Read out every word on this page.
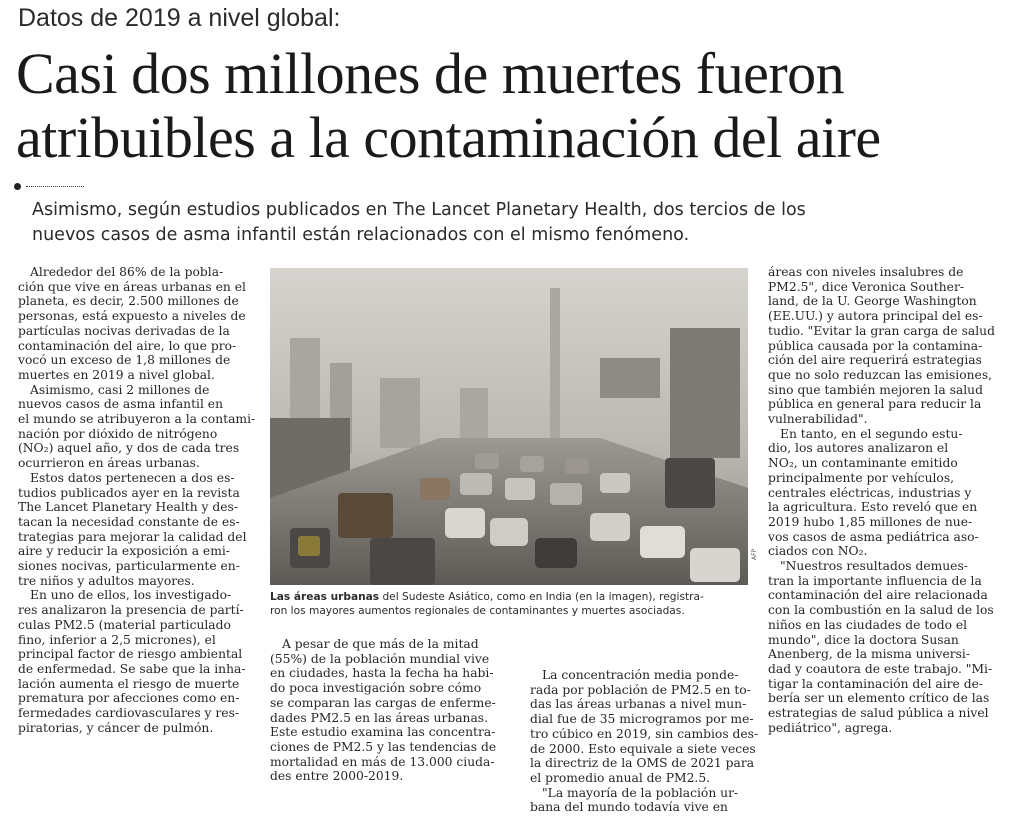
Datos de 2019 a nivel global:
Casi dos millones de muertes fueron
atribuibles a la contaminación del aire
Asimismo, según estudios publicados en The Lancet Planetary Health, dos tercios de los
nuevos casos de asma infantil están relacionados con el mismo fenómeno.
Alrededor del 86% de la pobla-
ción que vive en áreas urbanas en el
planeta, es decir, 2.500 millones de
personas, está expuesto a niveles de
partículas nocivas derivadas de la
contaminación del aire, lo que pro-
vocó un exceso de 1,8 millones de
muertes en 2019 a nivel global.
Asimismo, casi 2 millones de
nuevos casos de asma infantil en
el mundo se atribuyeron a la contami-
nación por dióxido de nitrógeno
(NO₂) aquel año, y dos de cada tres
ocurrieron en áreas urbanas.
Estos datos pertenecen a dos es-
tudios publicados ayer en la revista
The Lancet Planetary Health y des-
tacan la necesidad constante de es-
trategias para mejorar la calidad del
aire y reducir la exposición a emi-
siones nocivas, particularmente en-
tre niños y adultos mayores.
En uno de ellos, los investigado-
res analizaron la presencia de partí-
culas PM2.5 (material particulado
fino, inferior a 2,5 micrones), el
principal factor de riesgo ambiental
de enfermedad. Se sabe que la inha-
lación aumenta el riesgo de muerte
prematura por afecciones como en-
fermedades cardiovasculares y res-
piratorias, y cáncer de pulmón.
AFP
Las áreas urbanas del Sudeste Asiático, como en India (en la imagen), registra-
ron los mayores aumentos regionales de contaminantes y muertes asociadas.
A pesar de que más de la mitad
(55%) de la población mundial vive
en ciudades, hasta la fecha ha habi-
do poca investigación sobre cómo
se comparan las cargas de enferme-
dades PM2.5 en las áreas urbanas.
Este estudio examina las concentra-
ciones de PM2.5 y las tendencias de
mortalidad en más de 13.000 ciuda-
des entre 2000-2019.
La concentración media ponde-
rada por población de PM2.5 en to-
das las áreas urbanas a nivel mun-
dial fue de 35 microgramos por me-
tro cúbico en 2019, sin cambios des-
de 2000. Esto equivale a siete veces
la directriz de la OMS de 2021 para
el promedio anual de PM2.5.
"La mayoría de la población ur-
bana del mundo todavía vive en
áreas con niveles insalubres de
PM2.5", dice Veronica Souther-
land, de la U. George Washington
(EE.UU.) y autora principal del es-
tudio. "Evitar la gran carga de salud
pública causada por la contamina-
ción del aire requerirá estrategias
que no solo reduzcan las emisiones,
sino que también mejoren la salud
pública en general para reducir la
vulnerabilidad".
En tanto, en el segundo estu-
dio, los autores analizaron el
NO₂, un contaminante emitido
principalmente por vehículos,
centrales eléctricas, industrias y
la agricultura. Esto reveló que en
2019 hubo 1,85 millones de nue-
vos casos de asma pediátrica aso-
ciados con NO₂.
"Nuestros resultados demues-
tran la importante influencia de la
contaminación del aire relacionada
con la combustión en la salud de los
niños en las ciudades de todo el
mundo", dice la doctora Susan
Anenberg, de la misma universi-
dad y coautora de este trabajo. "Mi-
tigar la contaminación del aire de-
bería ser un elemento crítico de las
estrategias de salud pública a nivel
pediátrico", agrega.
